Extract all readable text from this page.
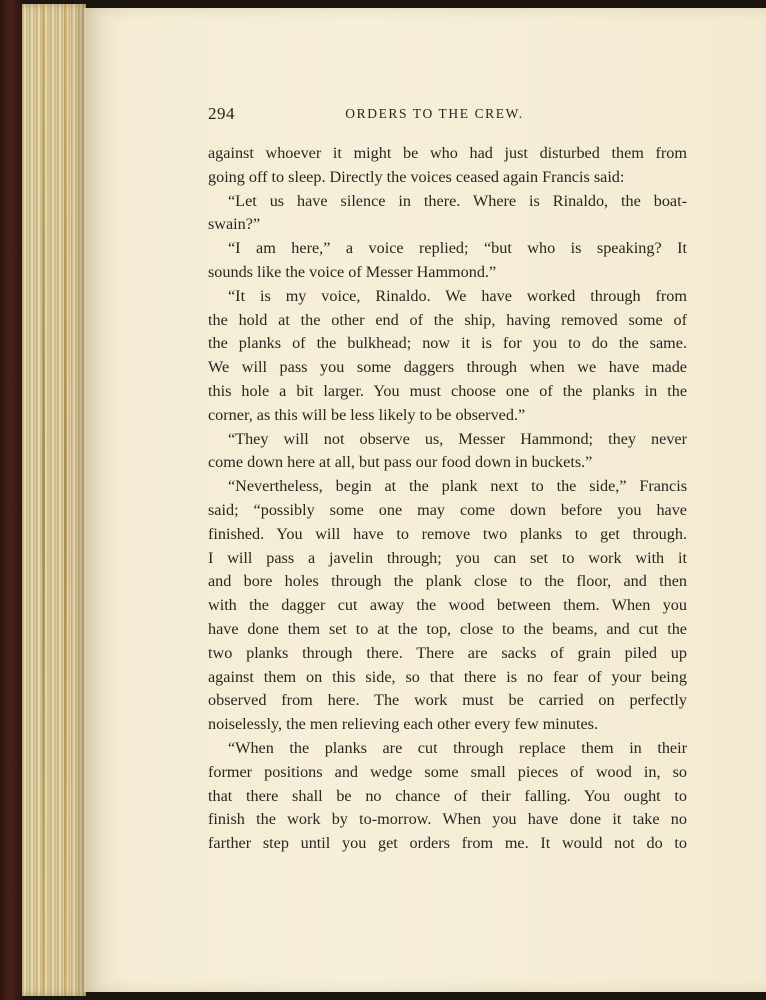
294	ORDERS TO THE CREW.
against whoever it might be who had just disturbed them from
going off to sleep. Directly the voices ceased again Francis said:
“Let us have silence in there. Where is Rinaldo, the boat-
swain?”
“I am here,” a voice replied; “but who is speaking? It
sounds like the voice of Messer Hammond.”
“It is my voice, Rinaldo. We have worked through from
the hold at the other end of the ship, having removed some of
the planks of the bulkhead; now it is for you to do the same.
We will pass you some daggers through when we have made
this hole a bit larger. You must choose one of the planks in the
corner, as this will be less likely to be observed.”
“They will not observe us, Messer Hammond; they never
come down here at all, but pass our food down in buckets.”
“Nevertheless, begin at the plank next to the side,” Francis
said; “possibly some one may come down before you have
finished. You will have to remove two planks to get through.
I will pass a javelin through; you can set to work with it
and bore holes through the plank close to the floor, and then
with the dagger cut away the wood between them. When you
have done them set to at the top, close to the beams, and cut the
two planks through there. There are sacks of grain piled up
against them on this side, so that there is no fear of your being
observed from here. The work must be carried on perfectly
noiselessly, the men relieving each other every few minutes.
“When the planks are cut through replace them in their
former positions and wedge some small pieces of wood in, so
that there shall be no chance of their falling. You ought to
finish the work by to-morrow. When you have done it take no
farther step until you get orders from me. It would not do to
